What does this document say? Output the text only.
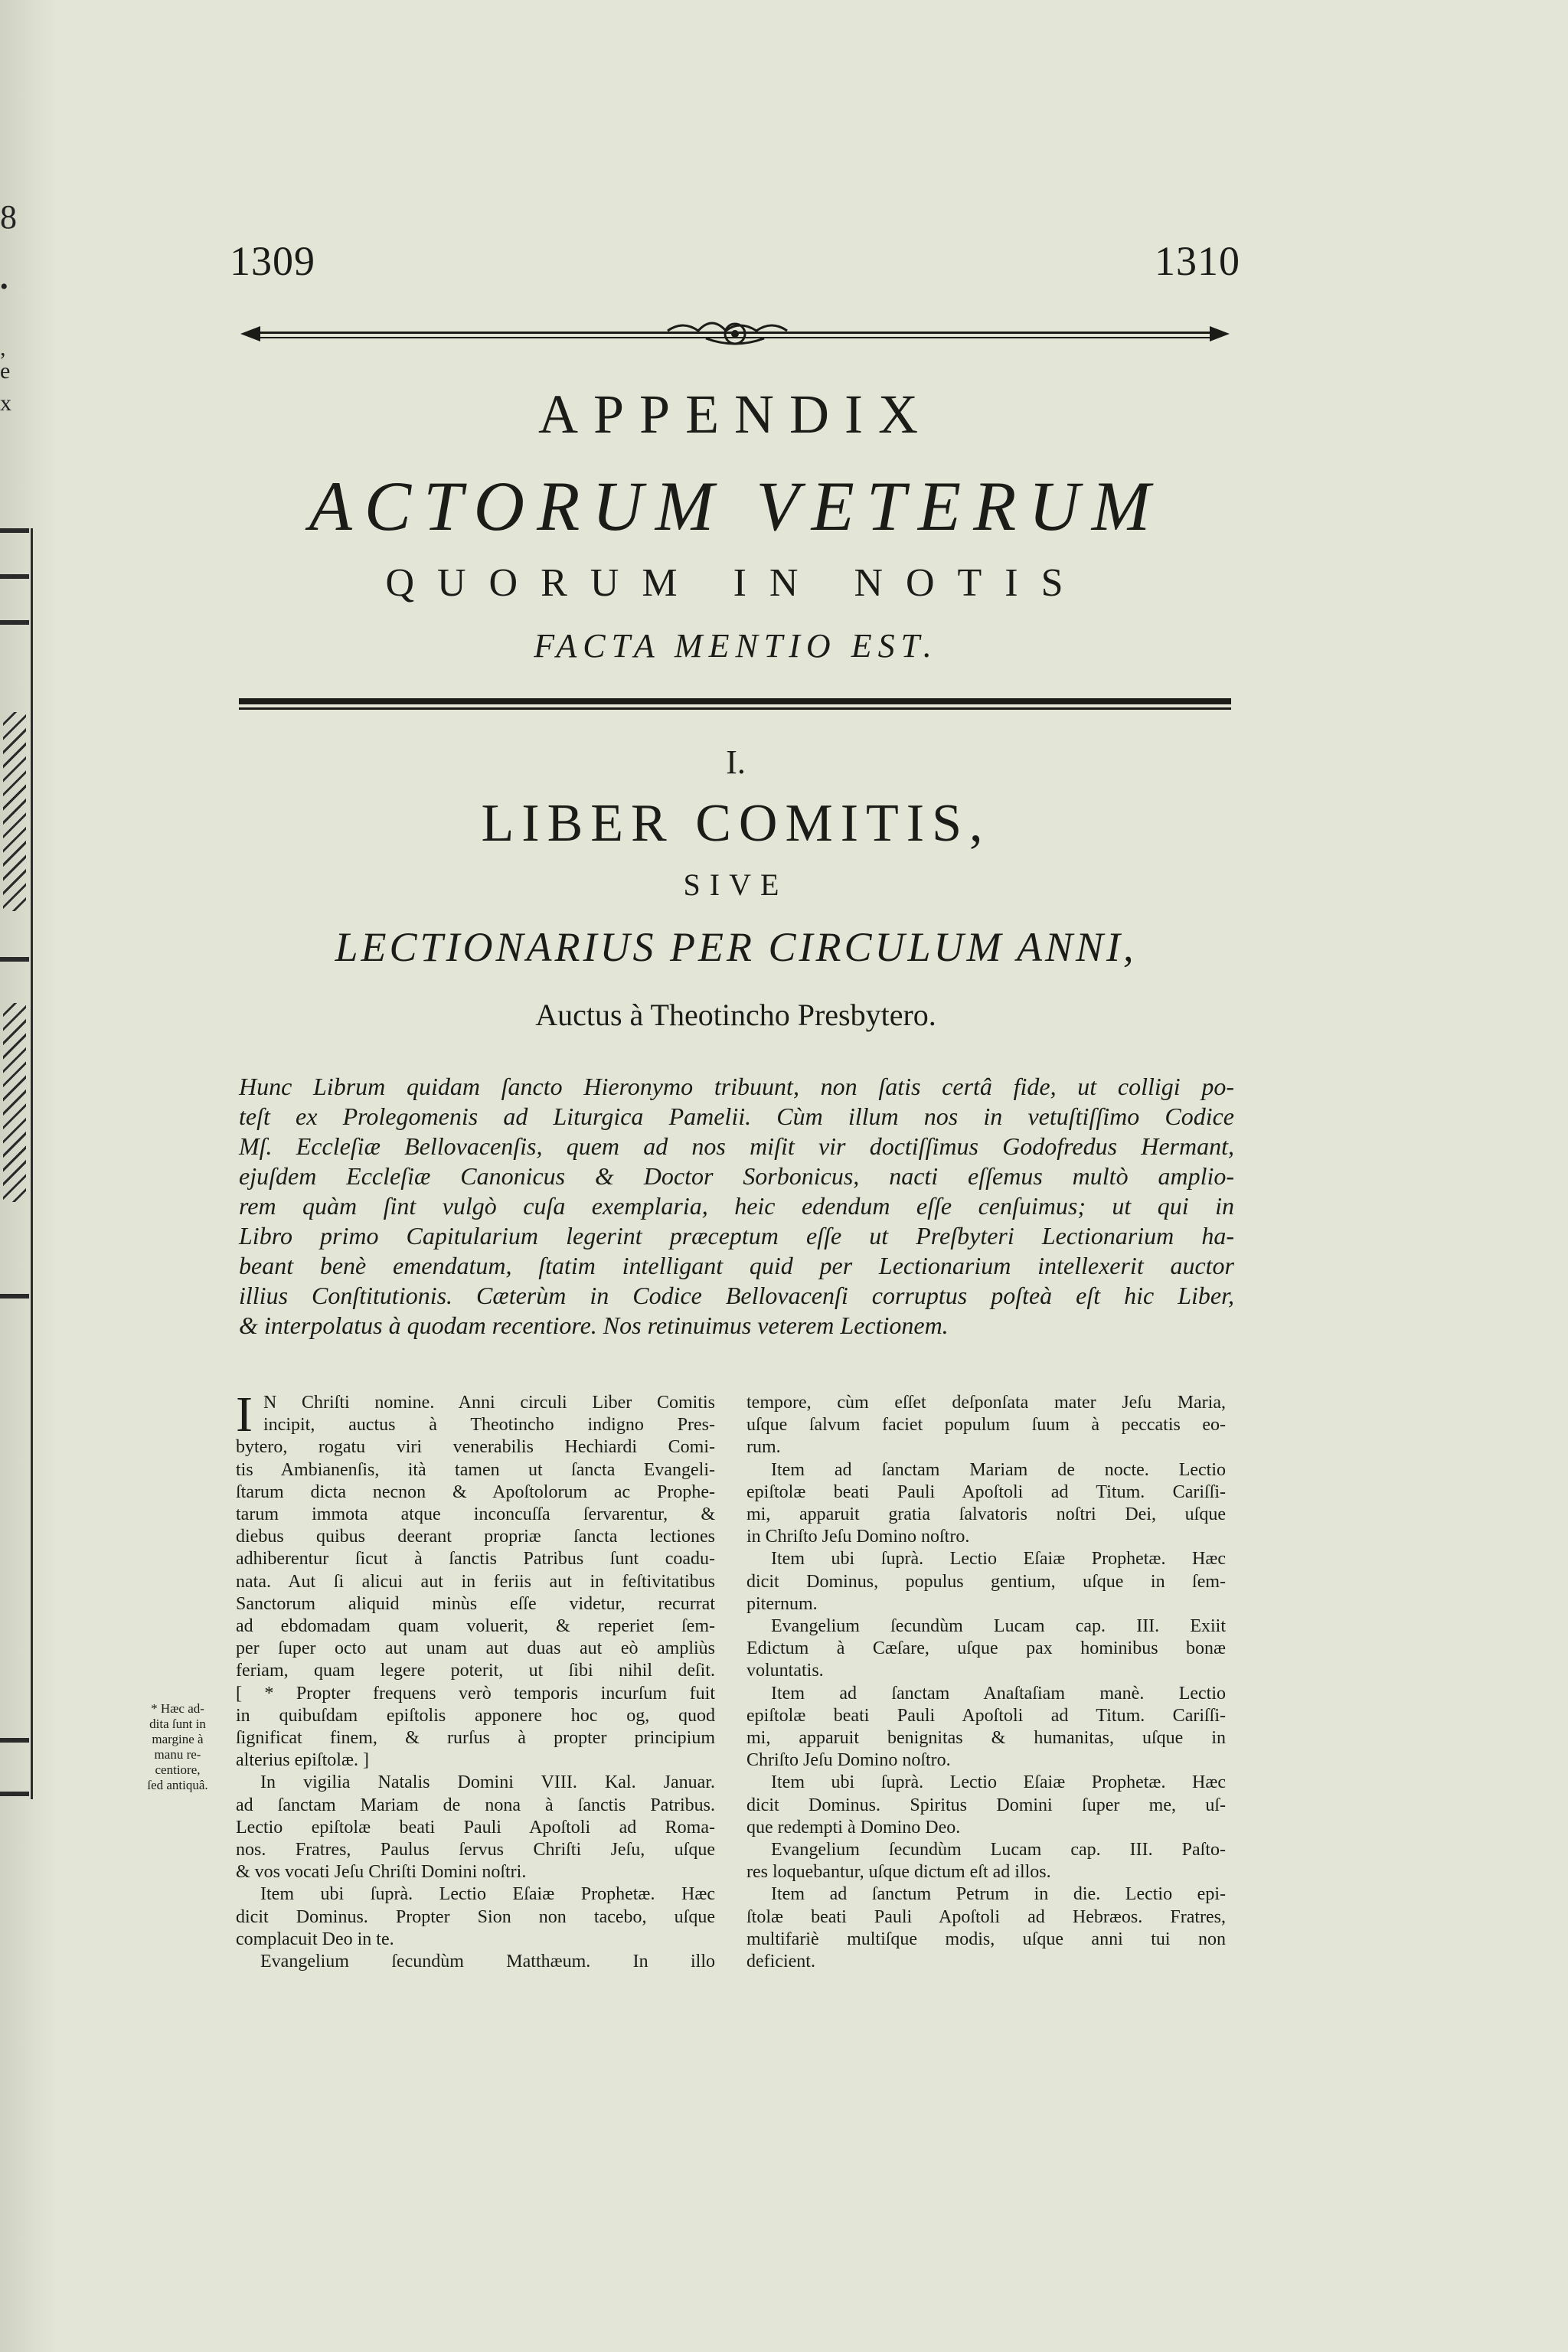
8
•
,
e
x
1309	1310
APPENDIX
ACTORUM VETERUM
QUORUM IN NOTIS
FACTA MENTIO EST.
I.
LIBER COMITIS,
SIVE
LECTIONARIUS PER CIRCULUM ANNI,
Auctus à Theotincho Presbytero.
Hunc Librum quidam ſancto Hieronymo tribuunt, non ſatis certâ fide, ut colligi po-
teſt ex Prolegomenis ad Liturgica Pamelii. Cùm illum nos in vetuſtiſſimo Codice
Mſ. Eccleſiæ Bellovacenſis, quem ad nos miſit vir doctiſſimus Godofredus Hermant,
ejuſdem Eccleſiæ Canonicus & Doctor Sorbonicus, nacti eſſemus multò amplio-
rem quàm ſint vulgò cuſa exemplaria, heic edendum eſſe cenſuimus; ut qui in
Libro primo Capitularium legerint præceptum eſſe ut Preſbyteri Lectionarium ha-
beant benè emendatum, ſtatim intelligant quid per Lectionarium intellexerit auctor
illius Conſtitutionis. Cæterùm in Codice Bellovacenſi corruptus poſteà eſt hic Liber,
& interpolatus à quodam recentiore. Nos retinuimus veterem Lectionem.
I N Chriſti nomine. Anni circuli Liber Comitis
incipit, auctus à Theotincho indigno Pres-
bytero, rogatu viri venerabilis Hechiardi Comi-
tis Ambianenſis, ità tamen ut ſancta Evangeli-
ſtarum dicta necnon & Apoſtolorum ac Prophe-
tarum immota atque inconcuſſa ſervarentur, &
diebus quibus deerant propriæ ſancta lectiones
adhiberentur ſicut à ſanctis Patribus ſunt coadu-
nata. Aut ſi alicui aut in feriis aut in feſtivitatibus
Sanctorum aliquid minùs eſſe videtur, recurrat
ad ebdomadam quam voluerit, & reperiet ſem-
per ſuper octo aut unam aut duas aut eò ampliùs
feriam, quam legere poterit, ut ſibi nihil deſit.
[ * Propter frequens verò temporis incurſum fuit
in quibuſdam epiſtolis apponere hoc og, quod
ſignificat finem, & rurſus à propter principium
alterius epiſtolæ. ]
In vigilia Natalis Domini VIII. Kal. Januar.
ad ſanctam Mariam de nona à ſanctis Patribus.
Lectio epiſtolæ beati Pauli Apoſtoli ad Roma-
nos. Fratres, Paulus ſervus Chriſti Jeſu, uſque
& vos vocati Jeſu Chriſti Domini noſtri.
Item ubi ſuprà. Lectio Eſaiæ Prophetæ. Hæc
dicit Dominus. Propter Sion non tacebo, uſque
complacuit Deo in te.
Evangelium ſecundùm Matthæum. In illo
tempore, cùm eſſet deſponſata mater Jeſu Maria,
uſque ſalvum faciet populum ſuum à peccatis eo-
rum.
Item ad ſanctam Mariam de nocte. Lectio
epiſtolæ beati Pauli Apoſtoli ad Titum. Cariſſi-
mi, apparuit gratia ſalvatoris noſtri Dei, uſque
in Chriſto Jeſu Domino noſtro.
Item ubi ſuprà. Lectio Eſaiæ Prophetæ. Hæc
dicit Dominus, populus gentium, uſque in ſem-
piternum.
Evangelium ſecundùm Lucam cap. III. Exiit
Edictum à Cæſare, uſque pax hominibus bonæ
voluntatis.
Item ad ſanctam Anaſtaſiam manè. Lectio
epiſtolæ beati Pauli Apoſtoli ad Titum. Cariſſi-
mi, apparuit benignitas & humanitas, uſque in
Chriſto Jeſu Domino noſtro.
Item ubi ſuprà. Lectio Eſaiæ Prophetæ. Hæc
dicit Dominus. Spiritus Domini ſuper me, uſ-
que redempti à Domino Deo.
Evangelium ſecundùm Lucam cap. III. Paſto-
res loquebantur, uſque dictum eſt ad illos.
Item ad ſanctum Petrum in die. Lectio epi-
ſtolæ beati Pauli Apoſtoli ad Hebræos. Fratres,
multifariè multiſque modis, uſque anni tui non
deficient.
* Hæc ad-
dita ſunt in
margine à
manu re-
centiore,
ſed antiquâ.
